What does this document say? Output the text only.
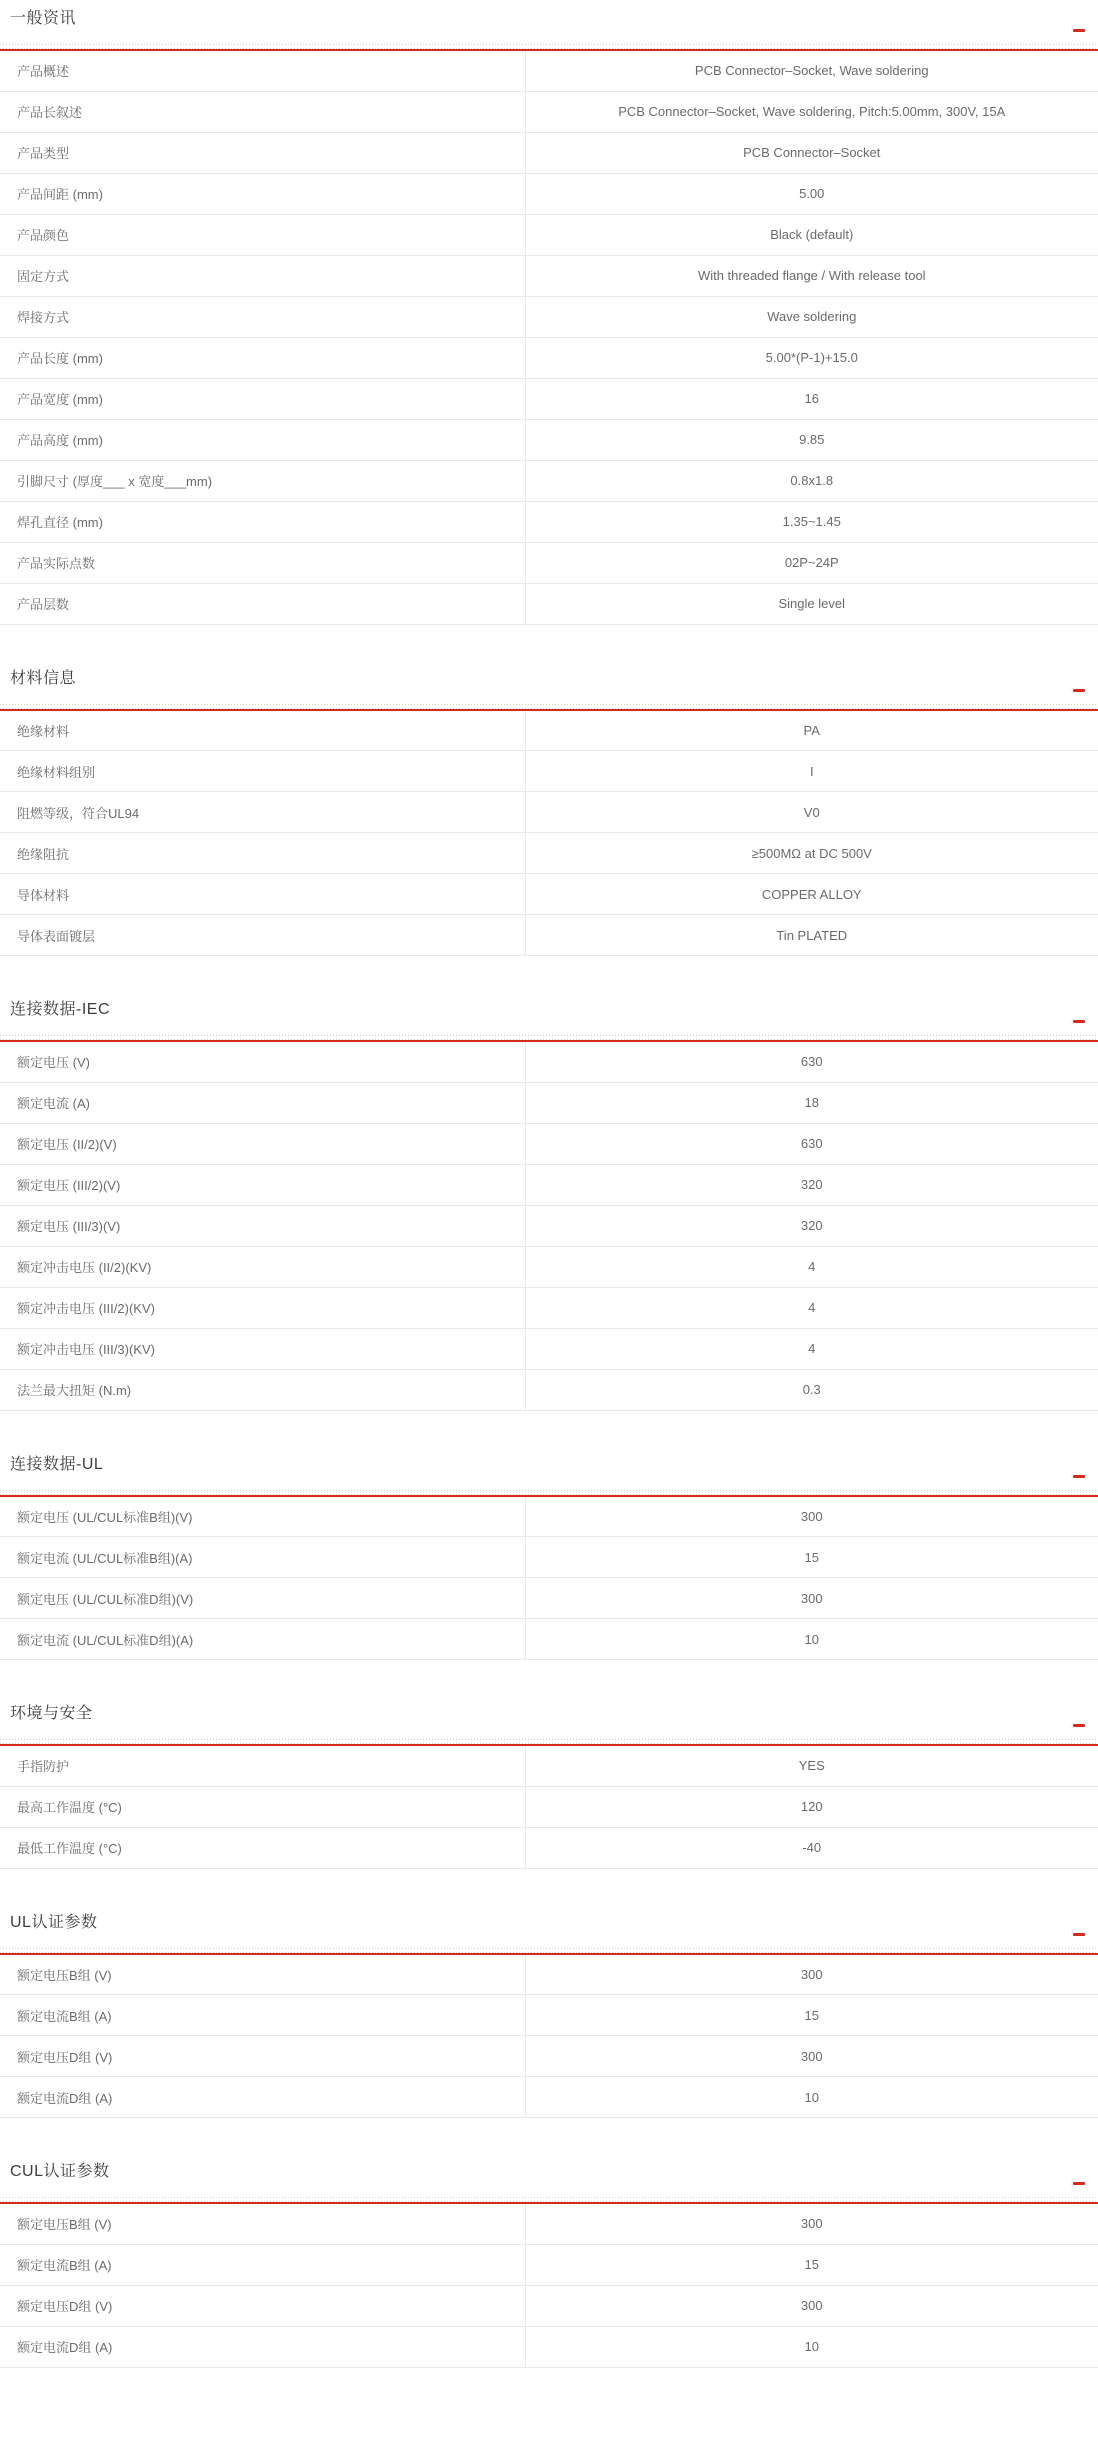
一般资讯
产品概述	PCB Connector–Socket, Wave soldering
产品长叙述	PCB Connector–Socket, Wave soldering, Pitch:5.00mm, 300V, 15A
产品类型	PCB Connector–Socket
产品间距 (mm)	5.00
产品颜色	Black (default)
固定方式	With threaded flange / With release tool
焊接方式	Wave soldering
产品长度 (mm)	5.00*(P-1)+15.0
产品宽度 (mm)	16
产品高度 (mm)	9.85
引脚尺寸 (厚度___ x 宽度___mm)	0.8x1.8
焊孔直径 (mm)	1.35~1.45
产品实际点数	02P~24P
产品层数	Single level
材料信息
绝缘材料	PA
绝缘材料组别	I
阻燃等级，符合UL94	V0
绝缘阻抗	≥500MΩ at DC 500V
导体材料	COPPER ALLOY
导体表面镀层	Tin PLATED
连接数据-IEC
额定电压 (V)	630
额定电流 (A)	18
额定电压 (II/2)(V)	630
额定电压 (III/2)(V)	320
额定电压 (III/3)(V)	320
额定冲击电压 (II/2)(KV)	4
额定冲击电压 (III/2)(KV)	4
额定冲击电压 (III/3)(KV)	4
法兰最大扭矩 (N.m)	0.3
连接数据-UL
额定电压 (UL/CUL标准B组)(V)	300
额定电流 (UL/CUL标准B组)(A)	15
额定电压 (UL/CUL标准D组)(V)	300
额定电流 (UL/CUL标准D组)(A)	10
环境与安全
手指防护	YES
最高工作温度 (°C)	120
最低工作温度 (°C)	-40
UL认证参数
额定电压B组 (V)	300
额定电流B组 (A)	15
额定电压D组 (V)	300
额定电流D组 (A)	10
CUL认证参数
额定电压B组 (V)	300
额定电流B组 (A)	15
额定电压D组 (V)	300
额定电流D组 (A)	10
